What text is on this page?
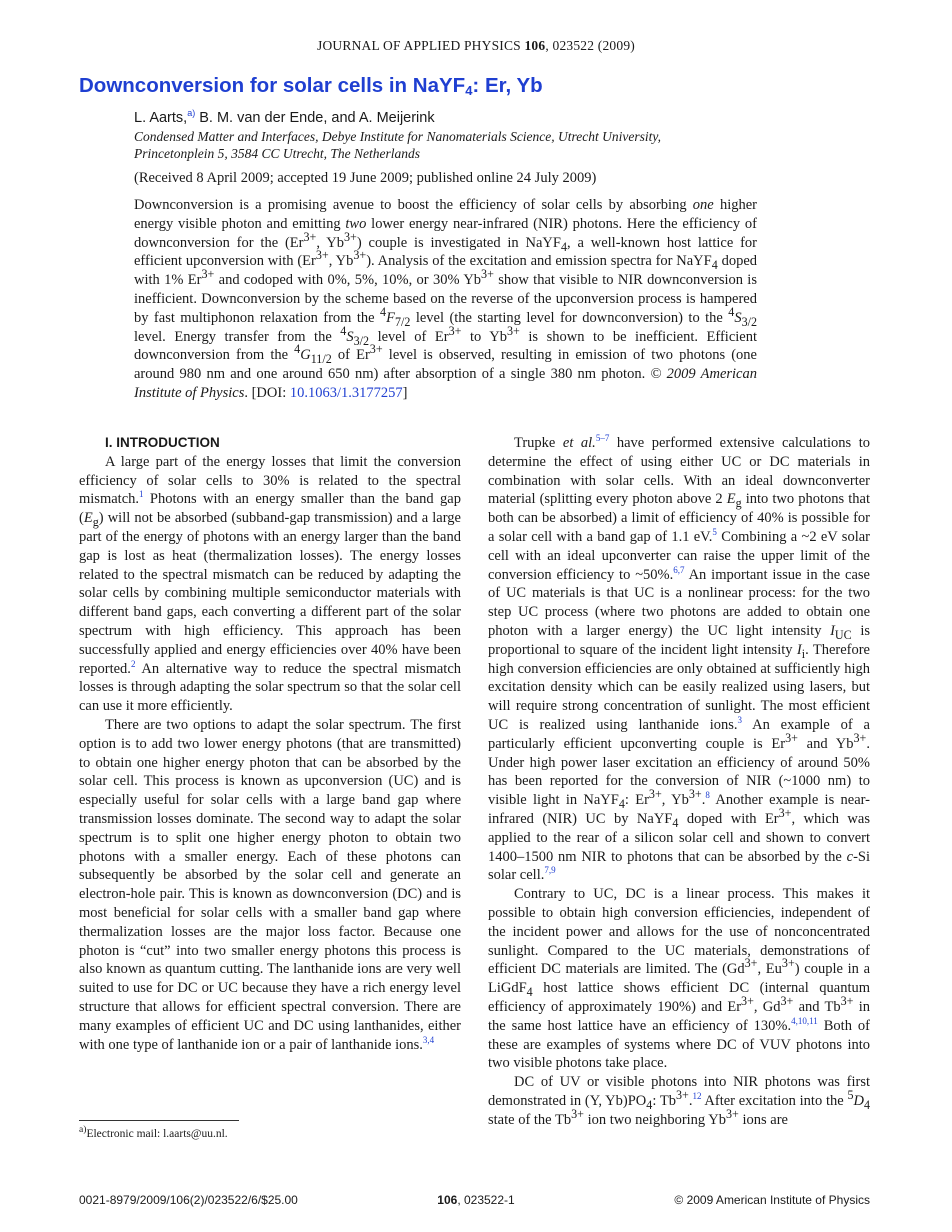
JOURNAL OF APPLIED PHYSICS 106, 023522 (2009)
Downconversion for solar cells in NaYF$_4$: Er, Yb
L. Aarts,$^{a)}$ B. M. van der Ende, and A. Meijerink
Condensed Matter and Interfaces, Debye Institute for Nanomaterials Science, Utrecht University,
Princetonplein 5, 3584 CC Utrecht, The Netherlands
(Received 8 April 2009; accepted 19 June 2009; published online 24 July 2009)
Downconversion is a promising avenue to boost the efficiency of solar cells by absorbing one higher energy visible photon and emitting two lower energy near-infrared (NIR) photons. Here the efficiency of downconversion for the ($Er^{3+}$, $Yb^{3+}$) couple is investigated in NaYF$_4$, a well-known host lattice for efficient upconversion with ($Er^{3+}$, $Yb^{3+}$). Analysis of the excitation and emission spectra for NaYF$_4$ doped with 1% $Er^{3+}$ and codoped with 0%, 5%, 10%, or 30% $Yb^{3+}$ show that visible to NIR downconversion is inefficient. Downconversion by the scheme based on the reverse of the upconversion process is hampered by fast multiphonon relaxation from the $^4F_{7/2}$ level (the starting level for downconversion) to the $^4S_{3/2}$ level. Energy transfer from the $^4S_{3/2}$ level of $Er^{3+}$ to $Yb^{3+}$ is shown to be inefficient. Efficient downconversion from the $^4G_{11/2}$ of $Er^{3+}$ level is observed, resulting in emission of two photons (one around 980 nm and one around 650 nm) after absorption of a single 380 nm photon. © 2009 American Institute of Physics. [DOI: 10.1063/1.3177257]

I. INTRODUCTION

A large part of the energy losses that limit the conversion efficiency of solar cells to 30% is related to the spectral mismatch.$^1$ Photons with an energy smaller than the band gap $(E_g)$ will not be absorbed (subband-gap transmission) and a large part of the energy of photons with an energy larger than the band gap is lost as heat (thermalization losses). The energy losses related to the spectral mismatch can be reduced by adapting the solar cells by combining multiple semiconductor materials with different band gaps, each converting a different part of the solar spectrum with high efficiency. This approach has been successfully applied and energy efficiencies over 40% have been reported.$^2$ An alternative way to reduce the spectral mismatch losses is through adapting the solar spectrum so that the solar cell can use it more efficiently.

There are two options to adapt the solar spectrum. The first option is to add two lower energy photons (that are transmitted) to obtain one higher energy photon that can be absorbed by the solar cell. This process is known as upconversion (UC) and is especially useful for solar cells with a large band gap where transmission losses dominate. The second way to adapt the solar spectrum is to split one higher energy photon to obtain two photons with a smaller energy. Each of these photons can subsequently be absorbed by the solar cell and generate an electron-hole pair. This is known as downconversion (DC) and is most beneficial for solar cells with a smaller band gap where thermalization losses are the major loss factor. Because one photon is “cut” into two smaller energy photons this process is also known as quantum cutting. The lanthanide ions are very well suited to use for DC or UC because they have a rich energy level structure that allows for efficient spectral conversion. There are many examples of efficient UC and DC using lanthanides, either with one type of lanthanide ion or a pair of lanthanide ions.$^{3,4}$

Trupke et al.$^{5-7}$ have performed extensive calculations to determine the effect of using either UC or DC materials in combination with solar cells. With an ideal downconverter material (splitting every photon above 2 $E_g$ into two photons that both can be absorbed) a limit of efficiency of 40% is possible for a solar cell with a band gap of 1.1 eV.$^5$ Combining a ~2 eV solar cell with an ideal upconverter can raise the upper limit of the conversion efficiency to ~50%.$^{6,7}$ An important issue in the case of UC materials is that UC is a nonlinear process: for the two step UC process (where two photons are added to obtain one photon with a larger energy) the UC light intensity $I_{UC}$ is proportional to square of the incident light intensity $I_i$. Therefore high conversion efficiencies are only obtained at sufficiently high excitation density which can be easily realized using lasers, but will require strong concentration of sunlight. The most efficient UC is realized using lanthanide ions.$^3$ An example of a particularly efficient upconverting couple is $Er^{3+}$ and $Yb^{3+}$. Under high power laser excitation an efficiency of around 50% has been reported for the conversion of NIR (~1000 nm) to visible light in NaYF$_4$: $Er^{3+}$, $Yb^{3+}.^8$ Another example is near-infrared (NIR) UC by NaYF$_4$ doped with $Er^{3+}$, which was applied to the rear of a silicon solar cell and shown to convert 1400–1500 nm NIR to photons that can be absorbed by the c-Si solar cell.$^{7,9}$

Contrary to UC, DC is a linear process. This makes it possible to obtain high conversion efficiencies, independent of the incident power and allows for the use of nonconcentrated sunlight. Compared to the UC materials, demonstrations of efficient DC materials are limited. The ($Gd^{3+}$, $Eu^{3+}$) couple in a LiGdF$_4$ host lattice shows efficient DC (internal quantum efficiency of approximately 190%) and $Er^{3+}$, $Gd^{3+}$ and $Tb^{3+}$ in the same host lattice have an efficiency of 130%.$^{4,10,11}$ Both of these are examples of systems where DC of VUV photons into two visible photons take place.

DC of UV or visible photons into NIR photons was first demonstrated in (Y, $Yb)PO_4$: $Tb^{3+}.^{12}$ After excitation into the $^5D_4$ state of the $Tb^{3+}$ ion two neighboring $Yb^{3+}$ ions are

$^{a)}$Electronic mail: l.aarts@uu.nl.
0021-8979/2009/106(2)/023522/6/$25.00	106, 023522-1	© 2009 American Institute of Physics
